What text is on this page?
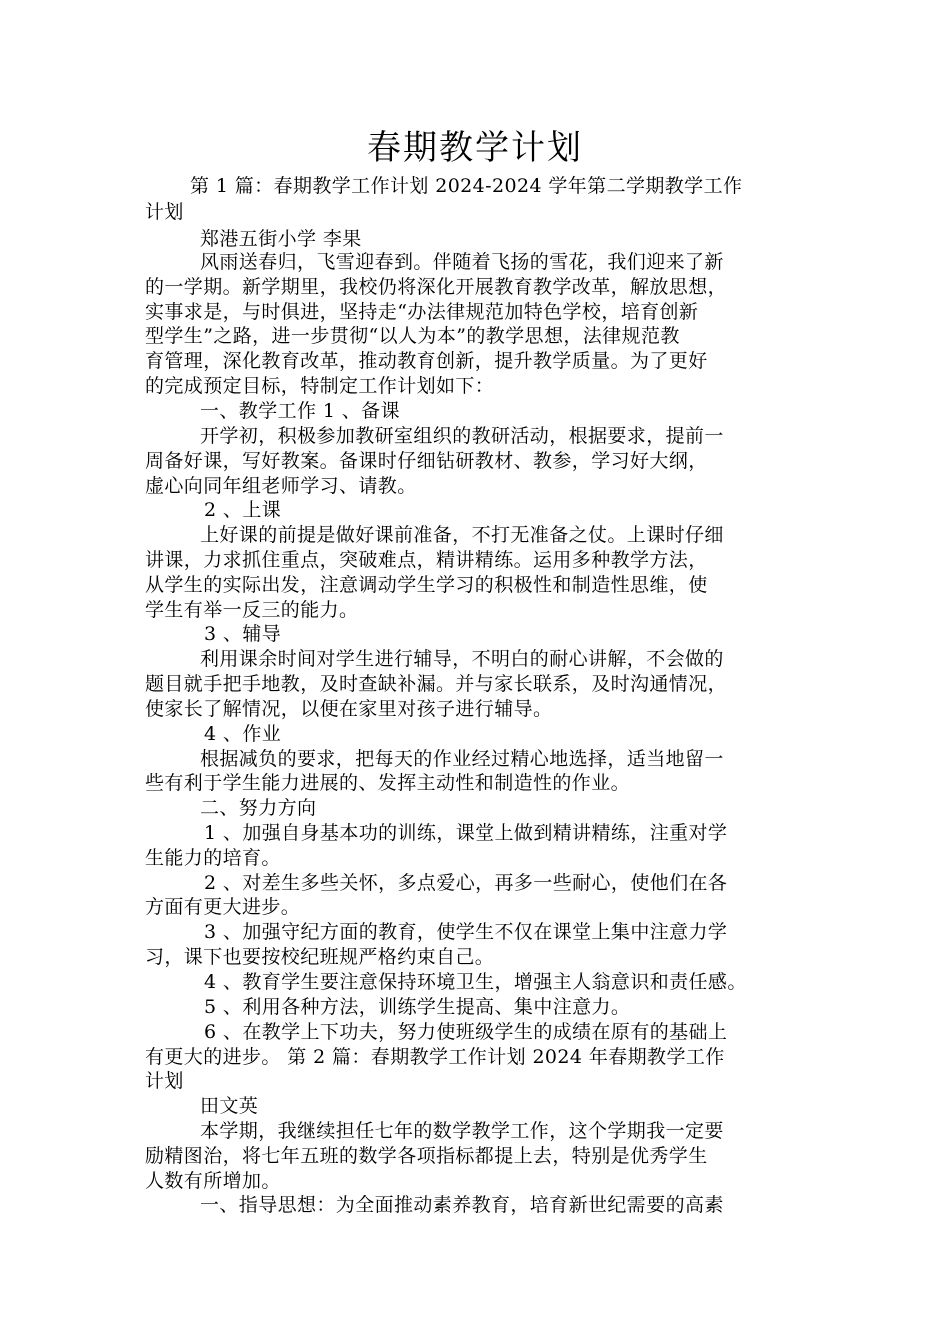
春期教学计划
第 1 篇：春期教学工作计划 2024-2024 学年第二学期教学工作
计划
郑港五街小学 李果
风雨送春归，飞雪迎春到。伴随着飞扬的雪花，我们迎来了新
的一学期。新学期里，我校仍将深化开展教育教学改革，解放思想，
实事求是，与时俱进，坚持走“办法律规范加特色学校，培育创新
型学生”之路，进一步贯彻“以人为本”的教学思想，法律规范教
育管理，深化教育改革，推动教育创新，提升教学质量。为了更好
的完成预定目标，特制定工作计划如下：
一、教学工作 1 、备课
开学初，积极参加教研室组织的教研活动，根据要求，提前一
周备好课，写好教案。备课时仔细钻研教材、教参，学习好大纲，
虚心向同年组老师学习、请教。
2 、上课
上好课的前提是做好课前准备，不打无准备之仗。上课时仔细
讲课，力求抓住重点，突破难点，精讲精练。运用多种教学方法，
从学生的实际出发，注意调动学生学习的积极性和制造性思维，使
学生有举一反三的能力。
3 、辅导
利用课余时间对学生进行辅导，不明白的耐心讲解，不会做的
题目就手把手地教，及时查缺补漏。并与家长联系，及时沟通情况，
使家长了解情况，以便在家里对孩子进行辅导。
4 、作业
根据减负的要求，把每天的作业经过精心地选择，适当地留一
些有利于学生能力进展的、发挥主动性和制造性的作业。
二、努力方向
1 、加强自身基本功的训练，课堂上做到精讲精练，注重对学
生能力的培育。
2 、对差生多些关怀，多点爱心，再多一些耐心，使他们在各
方面有更大进步。
3 、加强守纪方面的教育，使学生不仅在课堂上集中注意力学
习，课下也要按校纪班规严格约束自己。
4 、教育学生要注意保持环境卫生，增强主人翁意识和责任感。
5 、利用各种方法，训练学生提高、集中注意力。
6 、在教学上下功夫，努力使班级学生的成绩在原有的基础上
有更大的进步。 第 2 篇：春期教学工作计划 2024 年春期教学工作
计划
田文英
本学期，我继续担任七年的数学教学工作，这个学期我一定要
励精图治，将七年五班的数学各项指标都提上去，特别是优秀学生
人数有所增加。
一、指导思想：为全面推动素养教育，培育新世纪需要的高素
